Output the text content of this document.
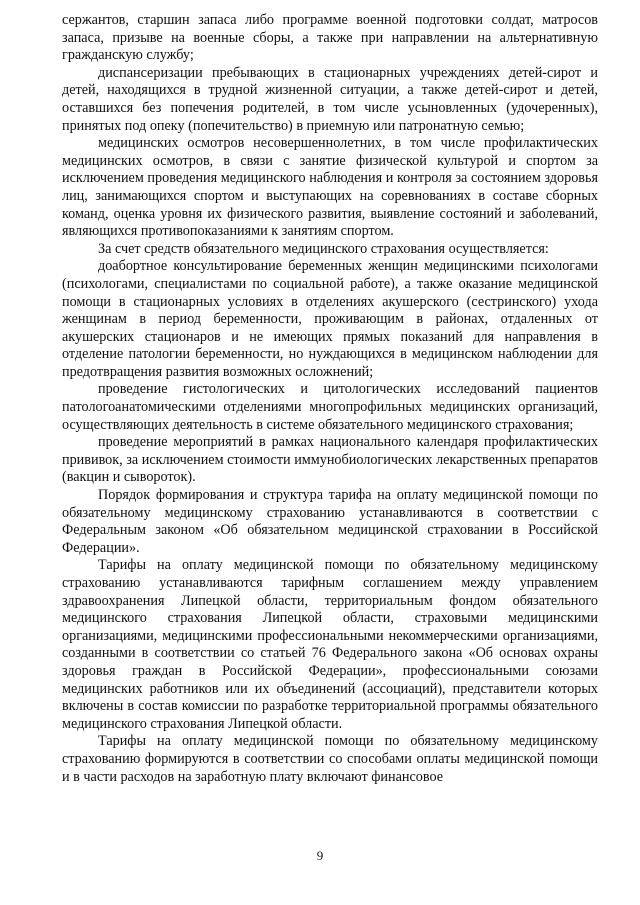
сержантов, старшин запаса либо программе военной подготовки солдат, матросов запаса, призыве на военные сборы, а также при направлении на альтернативную гражданскую службу;

диспансеризации пребывающих в стационарных учреждениях детей-сирот и детей, находящихся в трудной жизненной ситуации, а также детей-сирот и детей, оставшихся без попечения родителей, в том числе усыновленных (удочеренных), принятых под опеку (попечительство) в приемную или патронатную семью;

медицинских осмотров несовершеннолетних, в том числе профилактических медицинских осмотров, в связи с занятие физической культурой и спортом за исключением проведения медицинского наблюдения и контроля за состоянием здоровья лиц, занимающихся спортом и выступающих на соревнованиях в составе сборных команд, оценка уровня их физического развития, выявление состояний и заболеваний, являющихся противопоказаниями к занятиям спортом.

За счет средств обязательного медицинского страхования осуществляется:

доабортное консультирование беременных женщин медицинскими психологами (психологами, специалистами по социальной работе), а также оказание медицинской помощи в стационарных условиях в отделениях акушерского (сестринского) ухода женщинам в период беременности, проживающим в районах, отдаленных от акушерских стационаров и не имеющих прямых показаний для направления в отделение патологии беременности, но нуждающихся в медицинском наблюдении для предотвращения развития возможных осложнений;

проведение гистологических и цитологических исследований пациентов патологоанатомическими отделениями многопрофильных медицинских организаций, осуществляющих деятельность в системе обязательного медицинского страхования;

проведение мероприятий в рамках национального календаря профилактических прививок, за исключением стоимости иммунобиологических лекарственных препаратов (вакцин и сывороток).

Порядок формирования и структура тарифа на оплату медицинской помощи по обязательному медицинскому страхованию устанавливаются в соответствии с Федеральным законом «Об обязательном медицинской страховании в Российской Федерации».

Тарифы на оплату медицинской помощи по обязательному медицинскому страхованию устанавливаются тарифным соглашением между управлением здравоохранения Липецкой области, территориальным фондом обязательного медицинского страхования Липецкой области, страховыми медицинскими организациями, медицинскими профессиональными некоммерческими организациями, созданными в соответствии со статьей 76 Федерального закона «Об основах охраны здоровья граждан в Российской Федерации», профессиональными союзами медицинских работников или их объединений (ассоциаций), представители которых включены в состав комиссии по разработке территориальной программы обязательного медицинского страхования Липецкой области.

Тарифы на оплату медицинской помощи по обязательному медицинскому страхованию формируются в соответствии со способами оплаты медицинской помощи и в части расходов на заработную плату включают финансовое

9
